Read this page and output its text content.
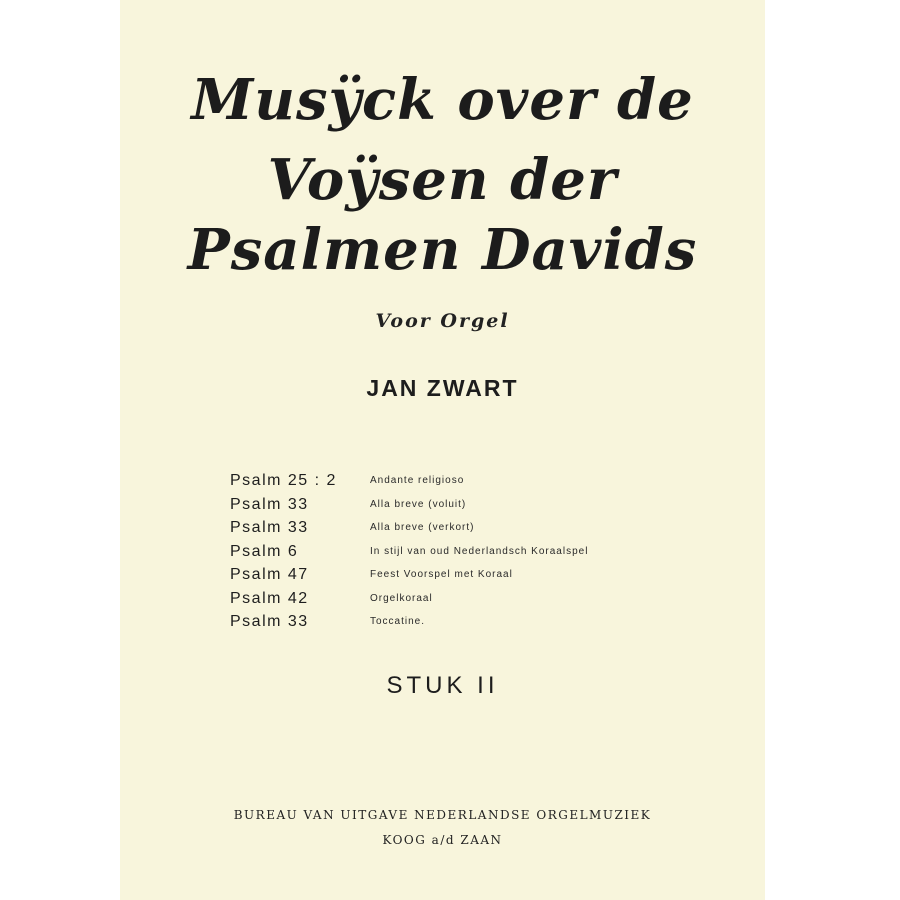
Musÿck over de
Voÿsen der
Psalmen Davids
Voor Orgel
JAN ZWART
Psalm 25 : 2	Andante religioso
Psalm 33	Alla breve (voluit)
Psalm 33	Alla breve (verkort)
Psalm 6	In stijl van oud Nederlandsch Koraalspel
Psalm 47	Feest Voorspel met Koraal
Psalm 42	Orgelkoraal
Psalm 33	Toccatine.
STUK II
BUREAU VAN UITGAVE NEDERLANDSE ORGELMUZIEK
KOOG a/d ZAAN
